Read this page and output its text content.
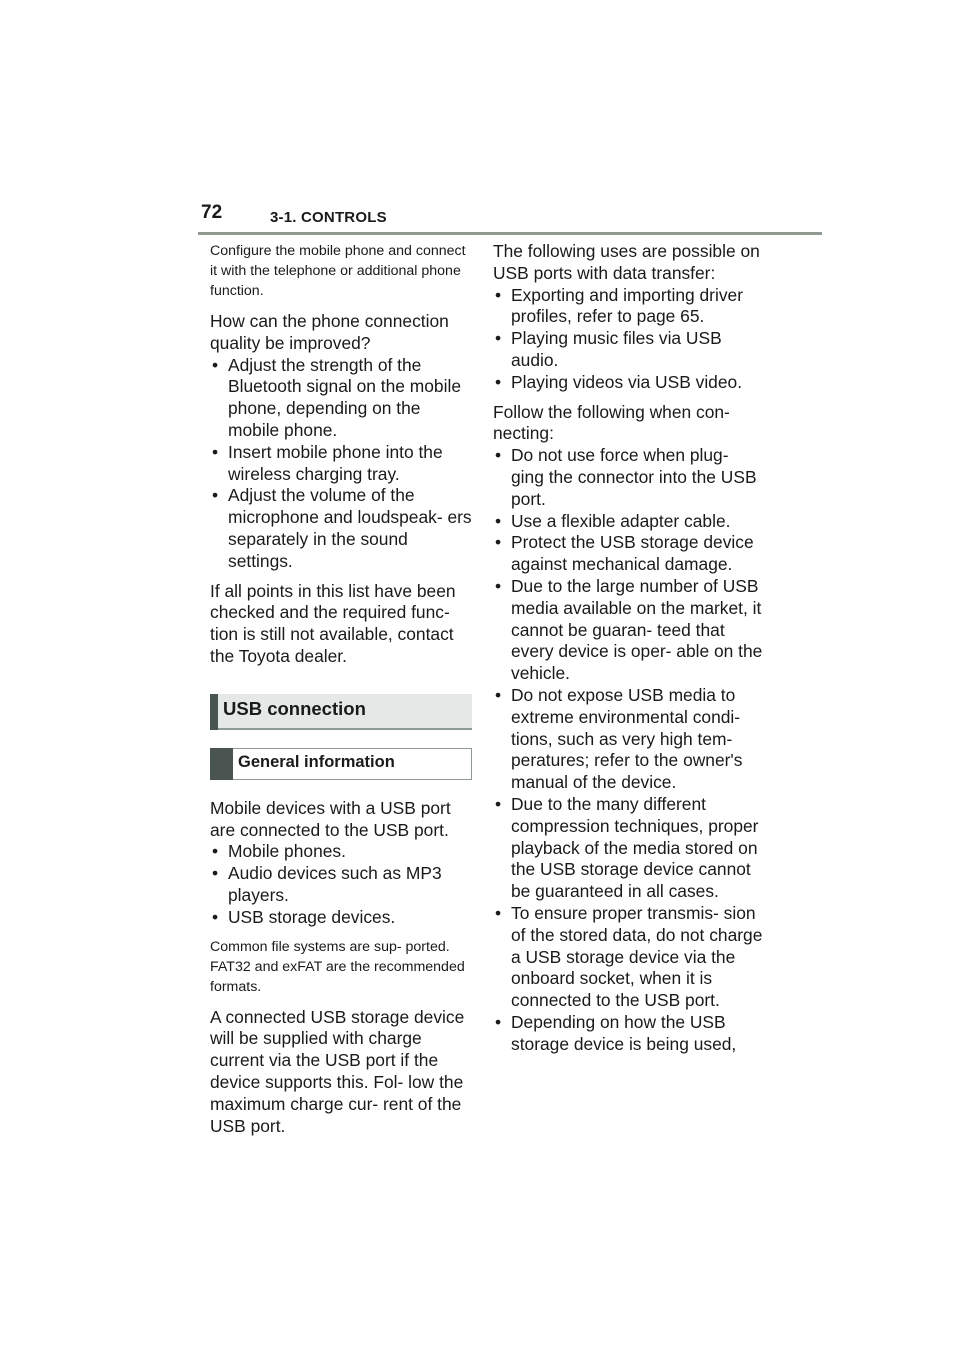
72	3-1. CONTROLS

Configure the mobile phone and connect it with the telephone or additional phone function.

How can the phone connection quality be improved?

• Adjust the strength of the Bluetooth signal on the mobile phone, depending on the mobile phone.
• Insert mobile phone into the wireless charging tray.
• Adjust the volume of the microphone and loudspeak- ers separately in the sound settings.

If all points in this list have been checked and the required func- tion is still not available, contact the Toyota dealer.

USB connection
General information

Mobile devices with a USB port are connected to the USB port.

• Mobile phones.
• Audio devices such as MP3 players.
• USB storage devices.

Common file systems are sup- ported. FAT32 and exFAT are the recommended formats.

A connected USB storage device will be supplied with charge current via the USB port if the device supports this. Fol- low the maximum charge cur- rent of the USB port.

The following uses are possible on USB ports with data transfer:

• Exporting and importing driver profiles, refer to page 65.
• Playing music files via USB audio.
• Playing videos via USB video.

Follow the following when con- necting:

• Do not use force when plug- ging the connector into the USB port.
• Use a flexible adapter cable.
• Protect the USB storage device against mechanical damage.
• Due to the large number of USB media available on the market, it cannot be guaran- teed that every device is oper- able on the vehicle.
• Do not expose USB media to extreme environmental condi- tions, such as very high tem- peratures; refer to the owner's manual of the device.
• Due to the many different compression techniques, proper playback of the media stored on the USB storage device cannot be guaranteed in all cases.
• To ensure proper transmis- sion of the stored data, do not charge a USB storage device via the onboard socket, when it is connected to the USB port.
• Depending on how the USB storage device is being used,
